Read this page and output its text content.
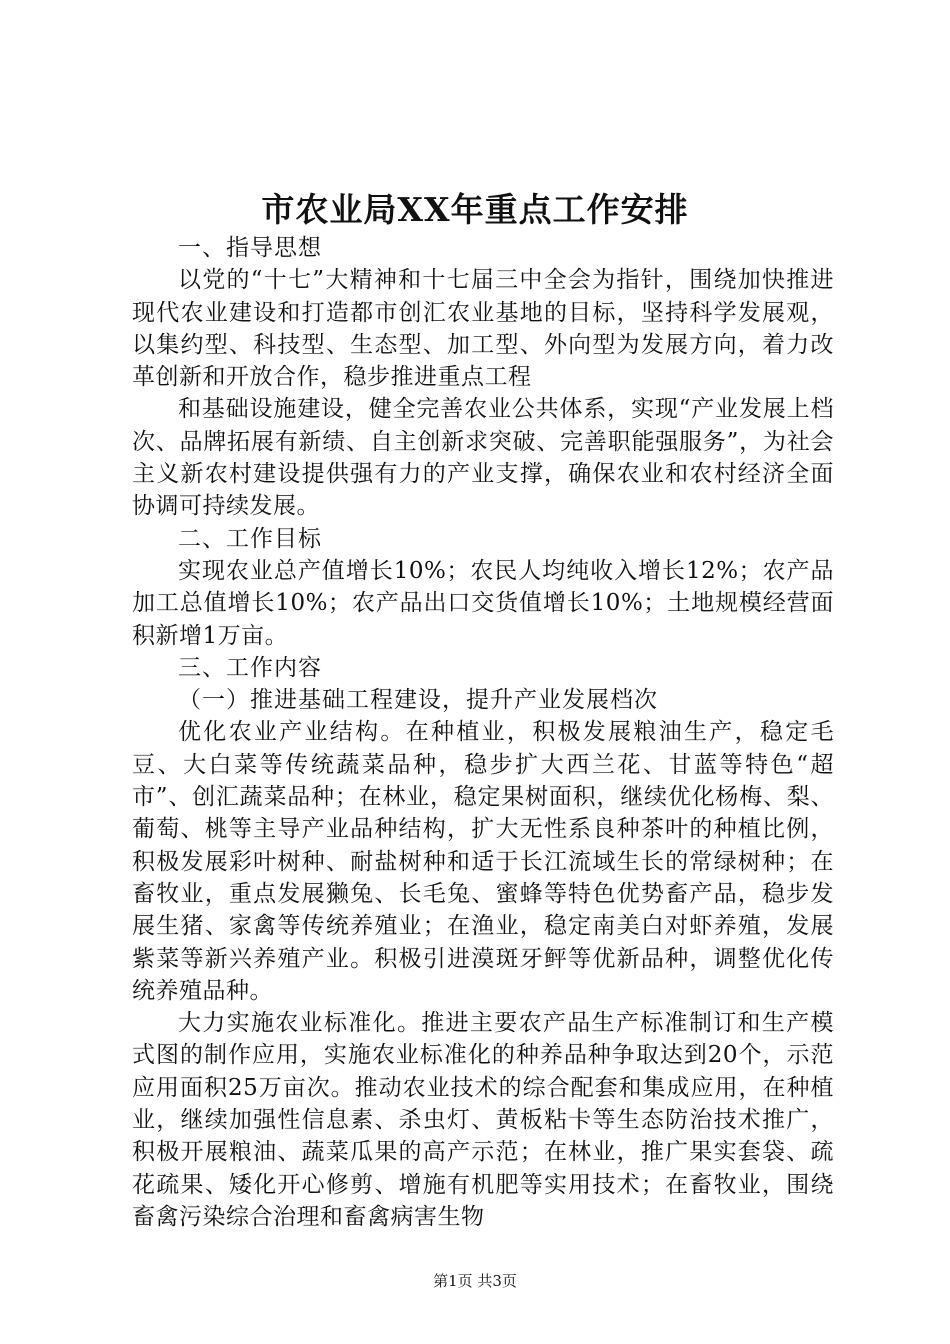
市农业局XX年重点工作安排

一、指导思想

以党的“十七”大精神和十七届三中全会为指针，围绕加快推进现代农业建设和打造都市创汇农业基地的目标，坚持科学发展观，以集约型、科技型、生态型、加工型、外向型为发展方向，着力改革创新和开放合作，稳步推进重点工程

和基础设施建设，健全完善农业公共体系，实现“产业发展上档次、品牌拓展有新绩、自主创新求突破、完善职能强服务”，为社会主义新农村建设提供强有力的产业支撑，确保农业和农村经济全面协调可持续发展。

二、工作目标

实现农业总产值增长10%；农民人均纯收入增长12%；农产品加工总值增长10%；农产品出口交货值增长10%；土地规模经营面积新增1万亩。

三、工作内容

（一）推进基础工程建设，提升产业发展档次

优化农业产业结构。在种植业，积极发展粮油生产，稳定毛豆、大白菜等传统蔬菜品种，稳步扩大西兰花、甘蓝等特色“超市”、创汇蔬菜品种；在林业，稳定果树面积，继续优化杨梅、梨、葡萄、桃等主导产业品种结构，扩大无性系良种茶叶的种植比例，积极发展彩叶树种、耐盐树种和适于长江流域生长的常绿树种；在畜牧业，重点发展獭兔、长毛兔、蜜蜂等特色优势畜产品，稳步发展生猪、家禽等传统养殖业；在渔业，稳定南美白对虾养殖，发展紫菜等新兴养殖产业。积极引进漠斑牙鲆等优新品种，调整优化传统养殖品种。

大力实施农业标准化。推进主要农产品生产标准制订和生产模式图的制作应用，实施农业标准化的种养品种争取达到20个，示范应用面积25万亩次。推动农业技术的综合配套和集成应用，在种植业，继续加强性信息素、杀虫灯、黄板粘卡等生态防治技术推广，积极开展粮油、蔬菜瓜果的高产示范；在林业，推广果实套袋、疏花疏果、矮化开心修剪、增施有机肥等实用技术；在畜牧业，围绕畜禽污染综合治理和畜禽病害生物

第1页 共3页
